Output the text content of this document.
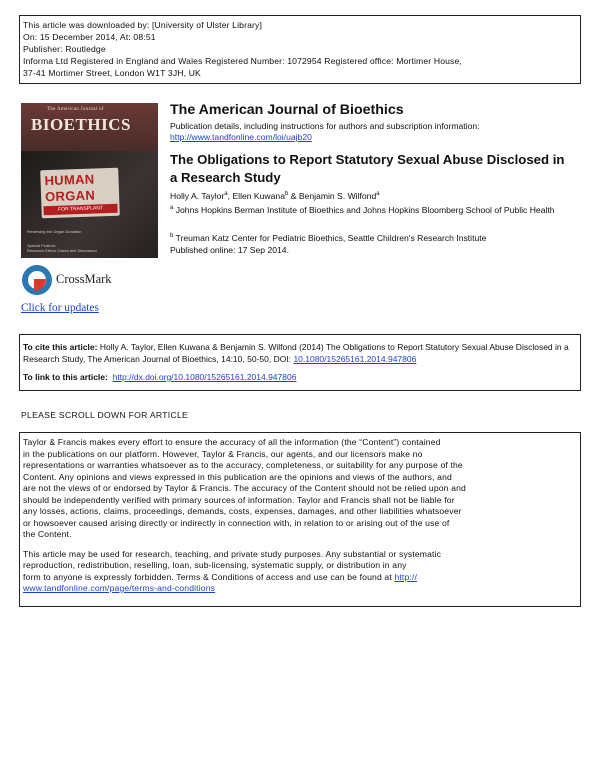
This article was downloaded by: [University of Ulster Library]
On: 15 December 2014, At: 08:51
Publisher: Routledge
Informa Ltd Registered in England and Wales Registered Number: 1072954 Registered office: Mortimer House,
37-41 Mortimer Street, London W1T 3JH, UK
The American Journal of
BIOETHICS
HUMAN
ORGAN
FOR TRANSPLANT
Reviewing the Organ Donation
Special Feature:
Research Ethics Cases and Discussion
CrossMark
Click for updates
The American Journal of Bioethics
Publication details, including instructions for authors and subscription information:
http://www.tandfonline.com/loi/uajb20
The Obligations to Report Statutory Sexual Abuse Disclosed in a Research Study
Holly A. Taylor$^a$, Ellen Kuwana$^b$ & Benjamin S. Wilfond$^a$
$^a$ Johns Hopkins Berman Institute of Bioethics and Johns Hopkins Bloomberg School of Public Health
$^b$ Treuman Katz Center for Pediatric Bioethics, Seattle Children's Research Institute
Published online: 17 Sep 2014.
To cite this article: Holly A. Taylor, Ellen Kuwana & Benjamin S. Wilfond (2014) The Obligations to Report Statutory Sexual Abuse Disclosed in a Research Study, The American Journal of Bioethics, 14:10, 50-50, DOI: 10.1080/15265161.2014.947806
To link to this article: http://dx.doi.org/10.1080/15265161.2014.947806
PLEASE SCROLL DOWN FOR ARTICLE
Taylor & Francis makes every effort to ensure the accuracy of all the information (the “Content”) contained
in the publications on our platform. However, Taylor & Francis, our agents, and our licensors make no
representations or warranties whatsoever as to the accuracy, completeness, or suitability for any purpose of the
Content. Any opinions and views expressed in this publication are the opinions and views of the authors, and
are not the views of or endorsed by Taylor & Francis. The accuracy of the Content should not be relied upon and
should be independently verified with primary sources of information. Taylor and Francis shall not be liable for
any losses, actions, claims, proceedings, demands, costs, expenses, damages, and other liabilities whatsoever
or howsoever caused arising directly or indirectly in connection with, in relation to or arising out of the use of
the Content.
This article may be used for research, teaching, and private study purposes. Any substantial or systematic
reproduction, redistribution, reselling, loan, sub-licensing, systematic supply, or distribution in any
form to anyone is expressly forbidden. Terms & Conditions of access and use can be found at http://
www.tandfonline.com/page/terms-and-conditions
